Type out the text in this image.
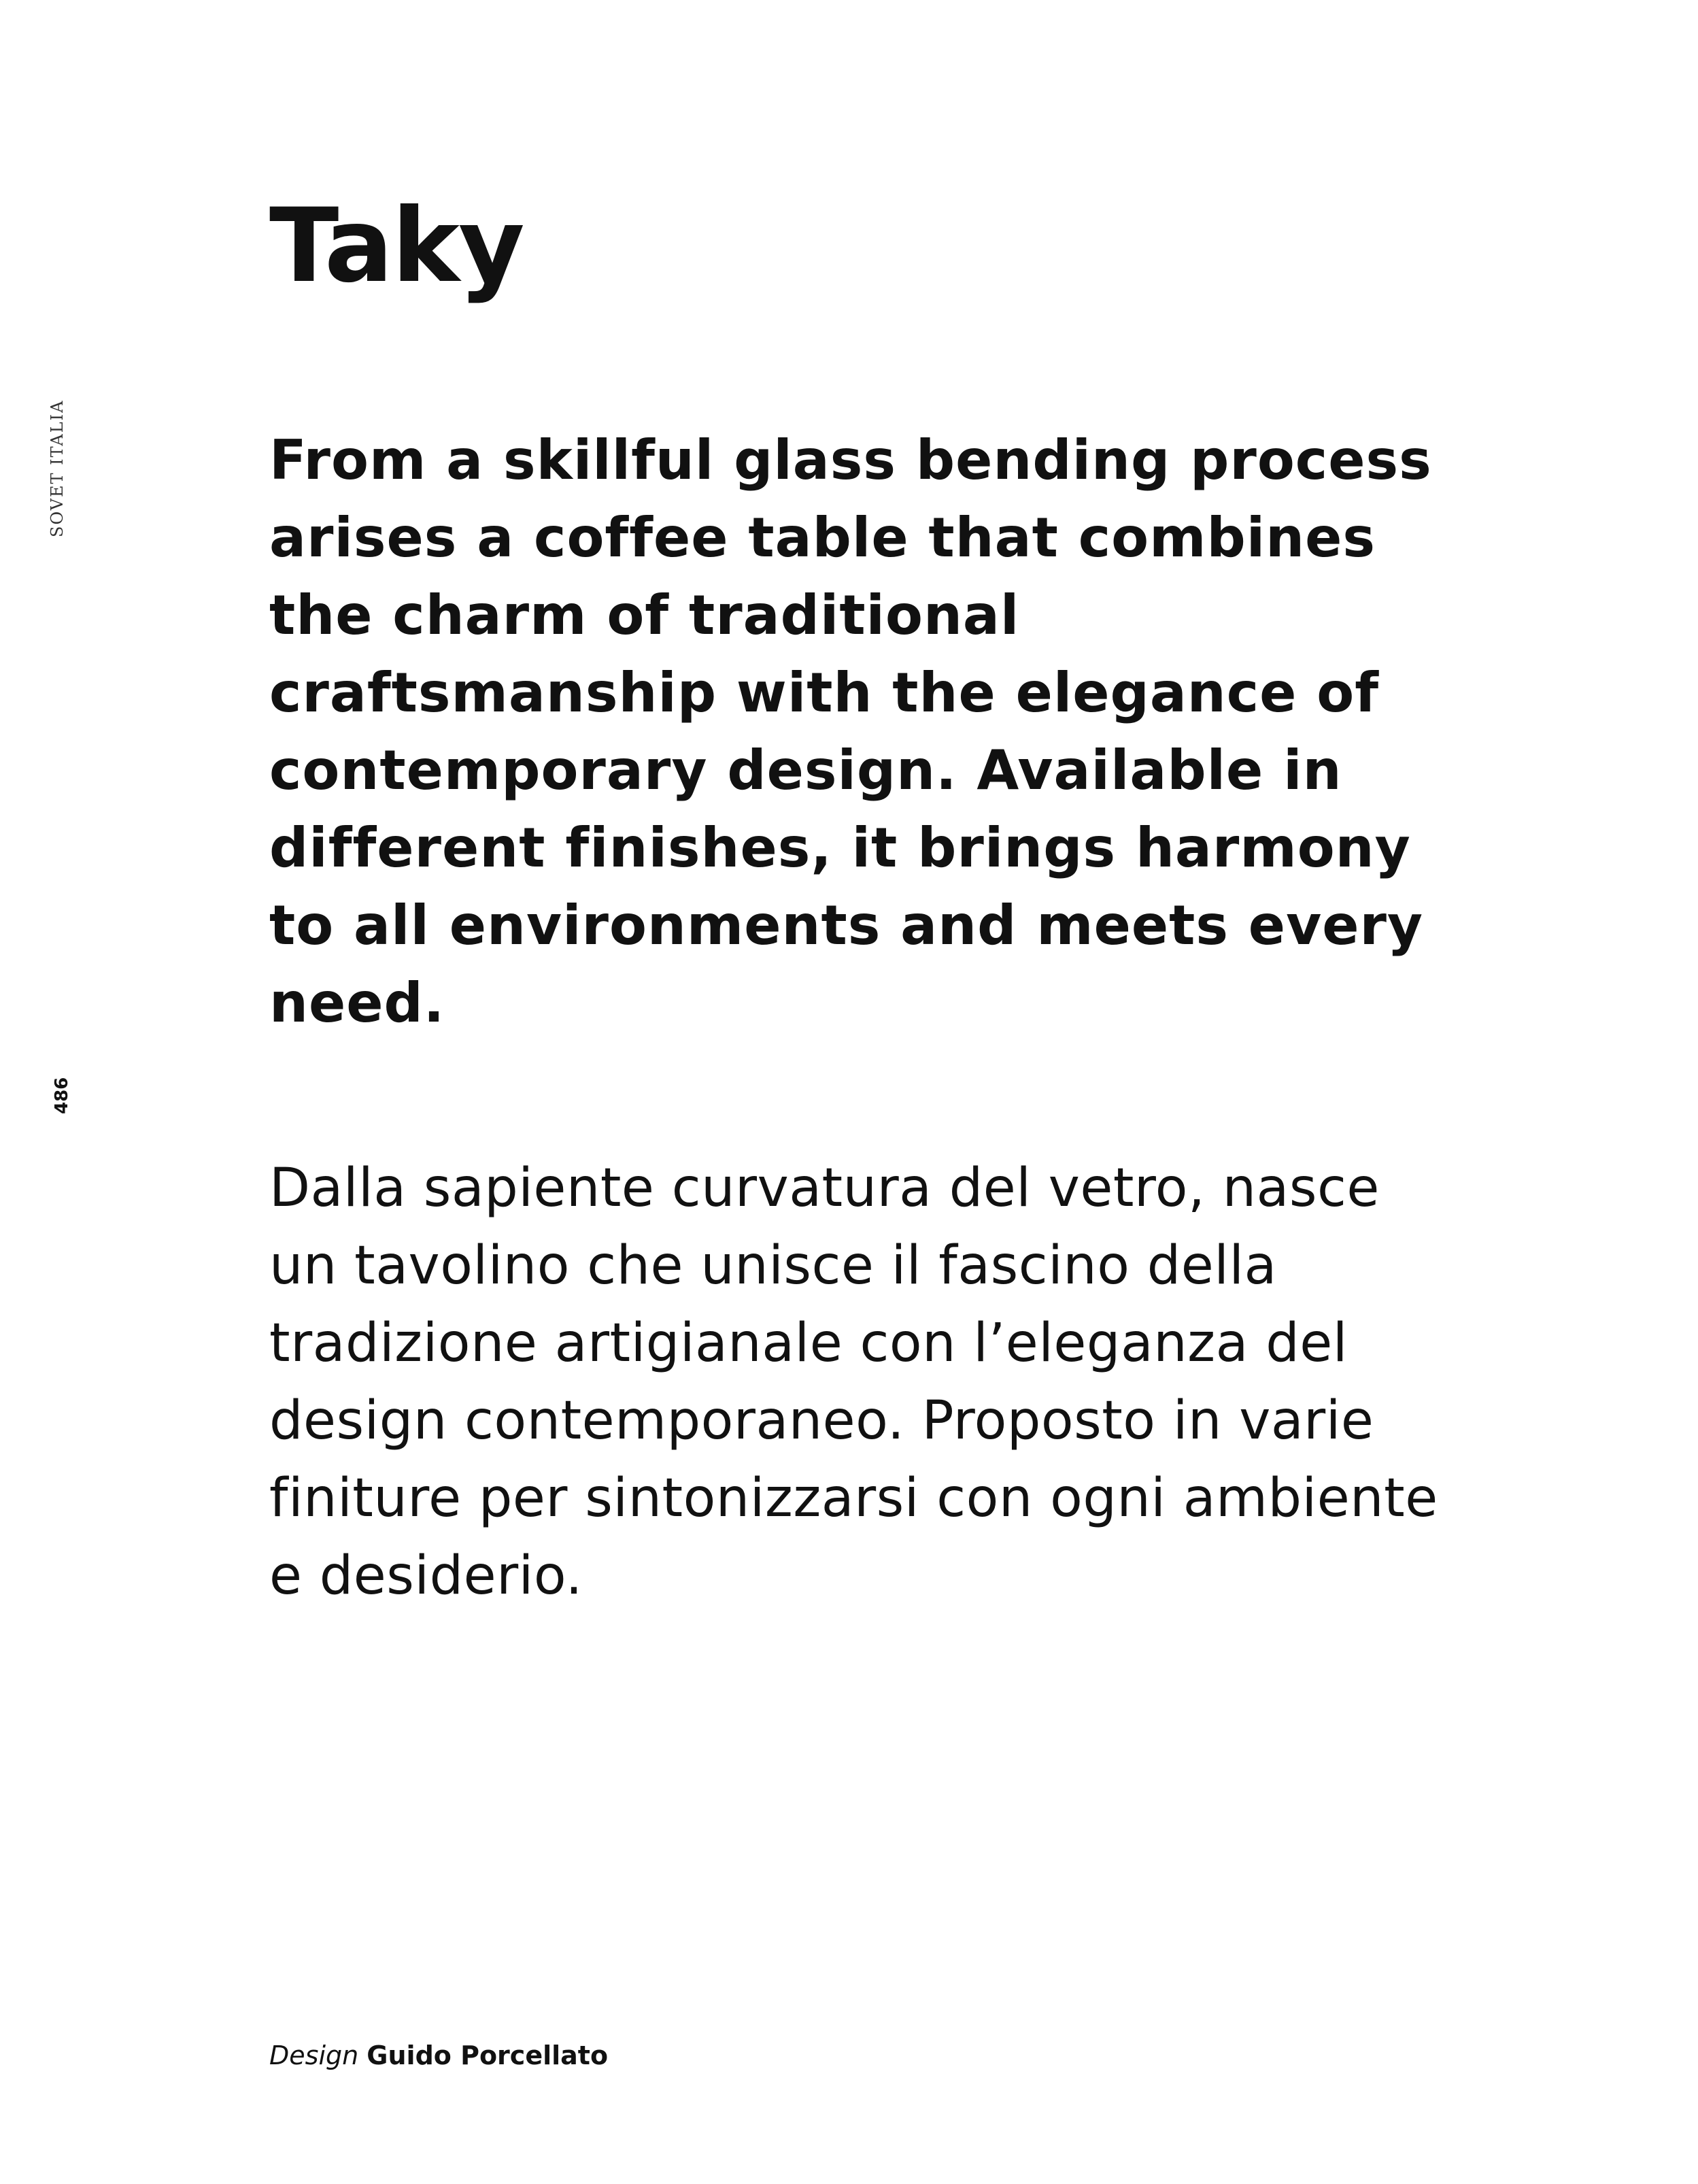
SOVET ITALIA
486
Taky

From a skillful glass bending process arises a coffee table that combines the charm of traditional craftsmanship with the elegance of contemporary design. Available in different finishes, it brings harmony to all environments and meets every need.

Dalla sapiente curvatura del vetro, nasce un tavolino che unisce il fascino della tradizione artigianale con l’eleganza del design contemporaneo. Proposto in varie finiture per sintonizzarsi con ogni ambiente e desiderio.

Design Guido Porcellato
